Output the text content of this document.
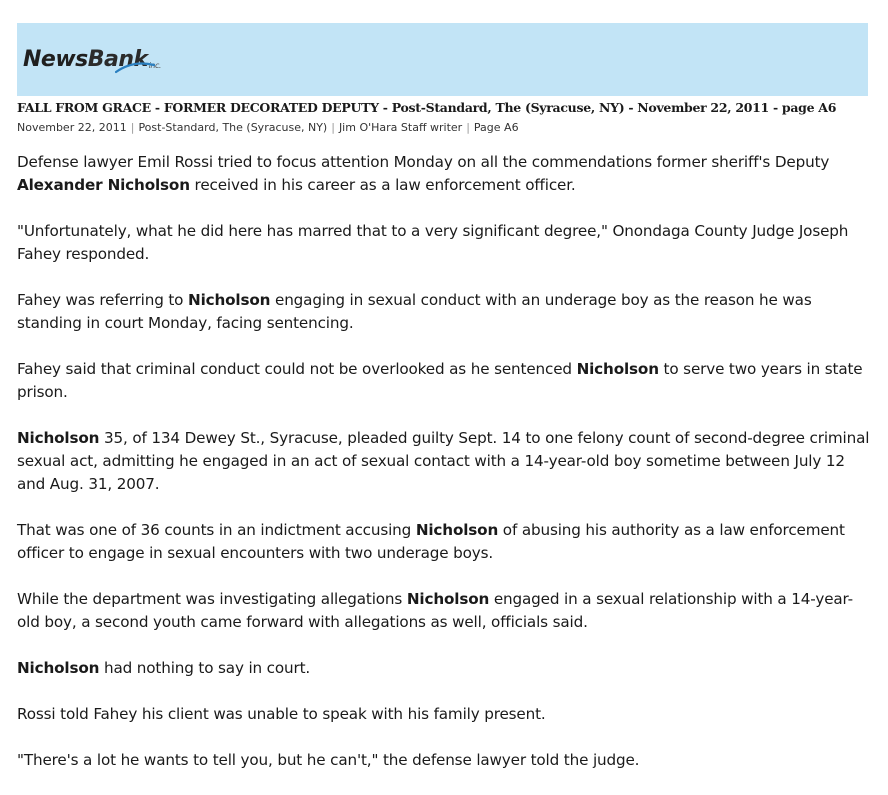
NewsBankinc.
FALL FROM GRACE - FORMER DECORATED DEPUTY - Post-Standard, The (Syracuse, NY) - November 22, 2011 - page A6
November 22, 2011 | Post-Standard, The (Syracuse, NY) | Jim O'Hara Staff writer | Page A6

Defense lawyer Emil Rossi tried to focus attention Monday on all the commendations former sheriff's Deputy Alexander Nicholson received in his career as a law enforcement officer.

"Unfortunately, what he did here has marred that to a very significant degree," Onondaga County Judge Joseph Fahey responded.

Fahey was referring to Nicholson engaging in sexual conduct with an underage boy as the reason he was standing in court Monday, facing sentencing.

Fahey said that criminal conduct could not be overlooked as he sentenced Nicholson to serve two years in state prison.

Nicholson 35, of 134 Dewey St., Syracuse, pleaded guilty Sept. 14 to one felony count of second-degree criminal sexual act, admitting he engaged in an act of sexual contact with a 14-year-old boy sometime between July 12 and Aug. 31, 2007.

That was one of 36 counts in an indictment accusing Nicholson of abusing his authority as a law enforcement officer to engage in sexual encounters with two underage boys.

While the department was investigating allegations Nicholson engaged in a sexual relationship with a 14-year-old boy, a second youth came forward with allegations as well, officials said.

Nicholson had nothing to say in court.

Rossi told Fahey his client was unable to speak with his family present.

"There's a lot he wants to tell you, but he can't," the defense lawyer told the judge.
